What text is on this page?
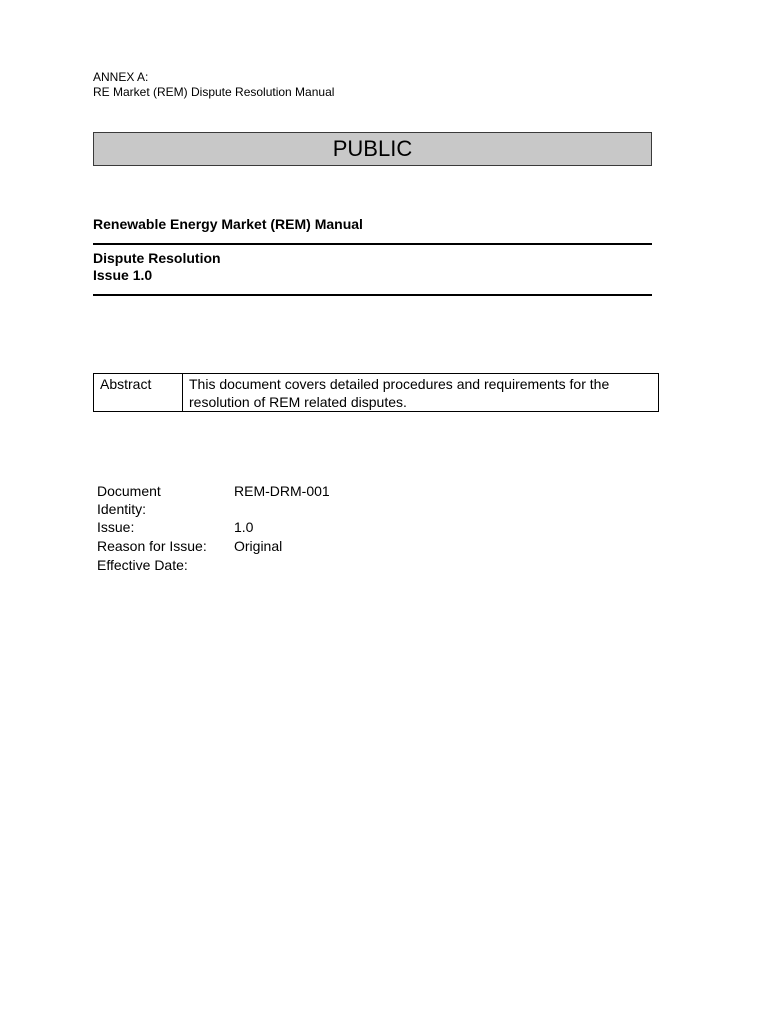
ANNEX A:
RE Market (REM) Dispute Resolution Manual
PUBLIC
Renewable Energy Market (REM) Manual
Dispute Resolution
Issue 1.0
Abstract	This document covers detailed procedures and requirements for the resolution of REM related disputes.
Document
Identity:	REM-DRM-001
Issue:	1.0
Reason for Issue:	Original
Effective Date:	
